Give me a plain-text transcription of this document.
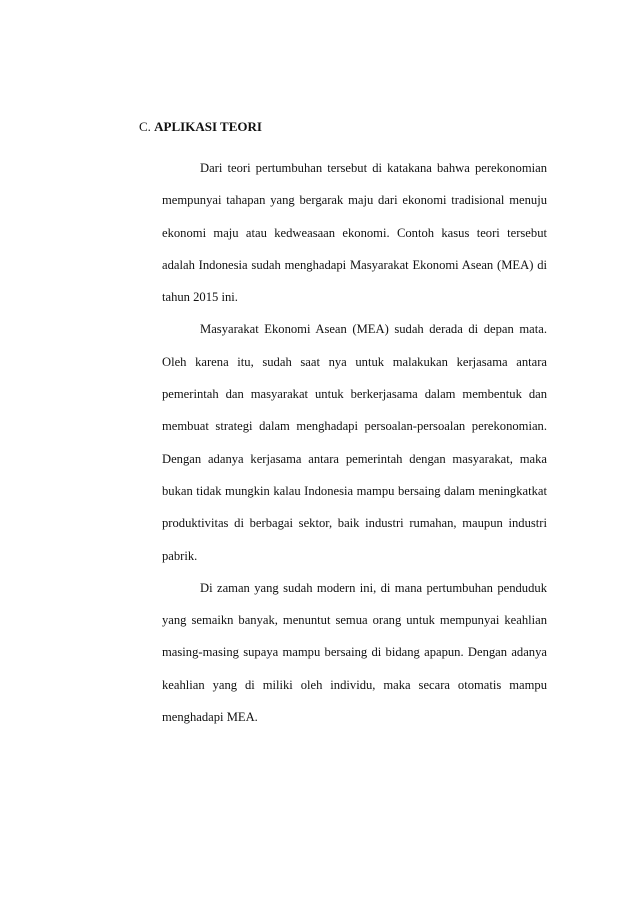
C. APLIKASI TEORI

Dari teori pertumbuhan tersebut di katakana bahwa perekonomian mempunyai tahapan yang bergarak maju dari ekonomi tradisional menuju ekonomi maju atau kedweasaan ekonomi. Contoh kasus teori tersebut adalah Indonesia sudah menghadapi Masyarakat Ekonomi Asean (MEA) di tahun 2015 ini.

Masyarakat Ekonomi Asean (MEA) sudah derada di depan mata. Oleh karena itu, sudah saat nya untuk malakukan kerjasama antara pemerintah dan masyarakat untuk berkerjasama dalam membentuk dan membuat strategi dalam menghadapi persoalan-persoalan perekonomian. Dengan adanya kerjasama antara pemerintah dengan masyarakat, maka bukan tidak mungkin kalau Indonesia mampu bersaing dalam meningkatkat produktivitas di berbagai sektor, baik industri rumahan, maupun industri pabrik.

Di zaman yang sudah modern ini, di mana pertumbuhan penduduk yang semaikn banyak, menuntut semua orang untuk mempunyai keahlian masing-masing supaya mampu bersaing di bidang apapun. Dengan adanya keahlian yang di miliki oleh individu, maka secara otomatis mampu menghadapi MEA.
